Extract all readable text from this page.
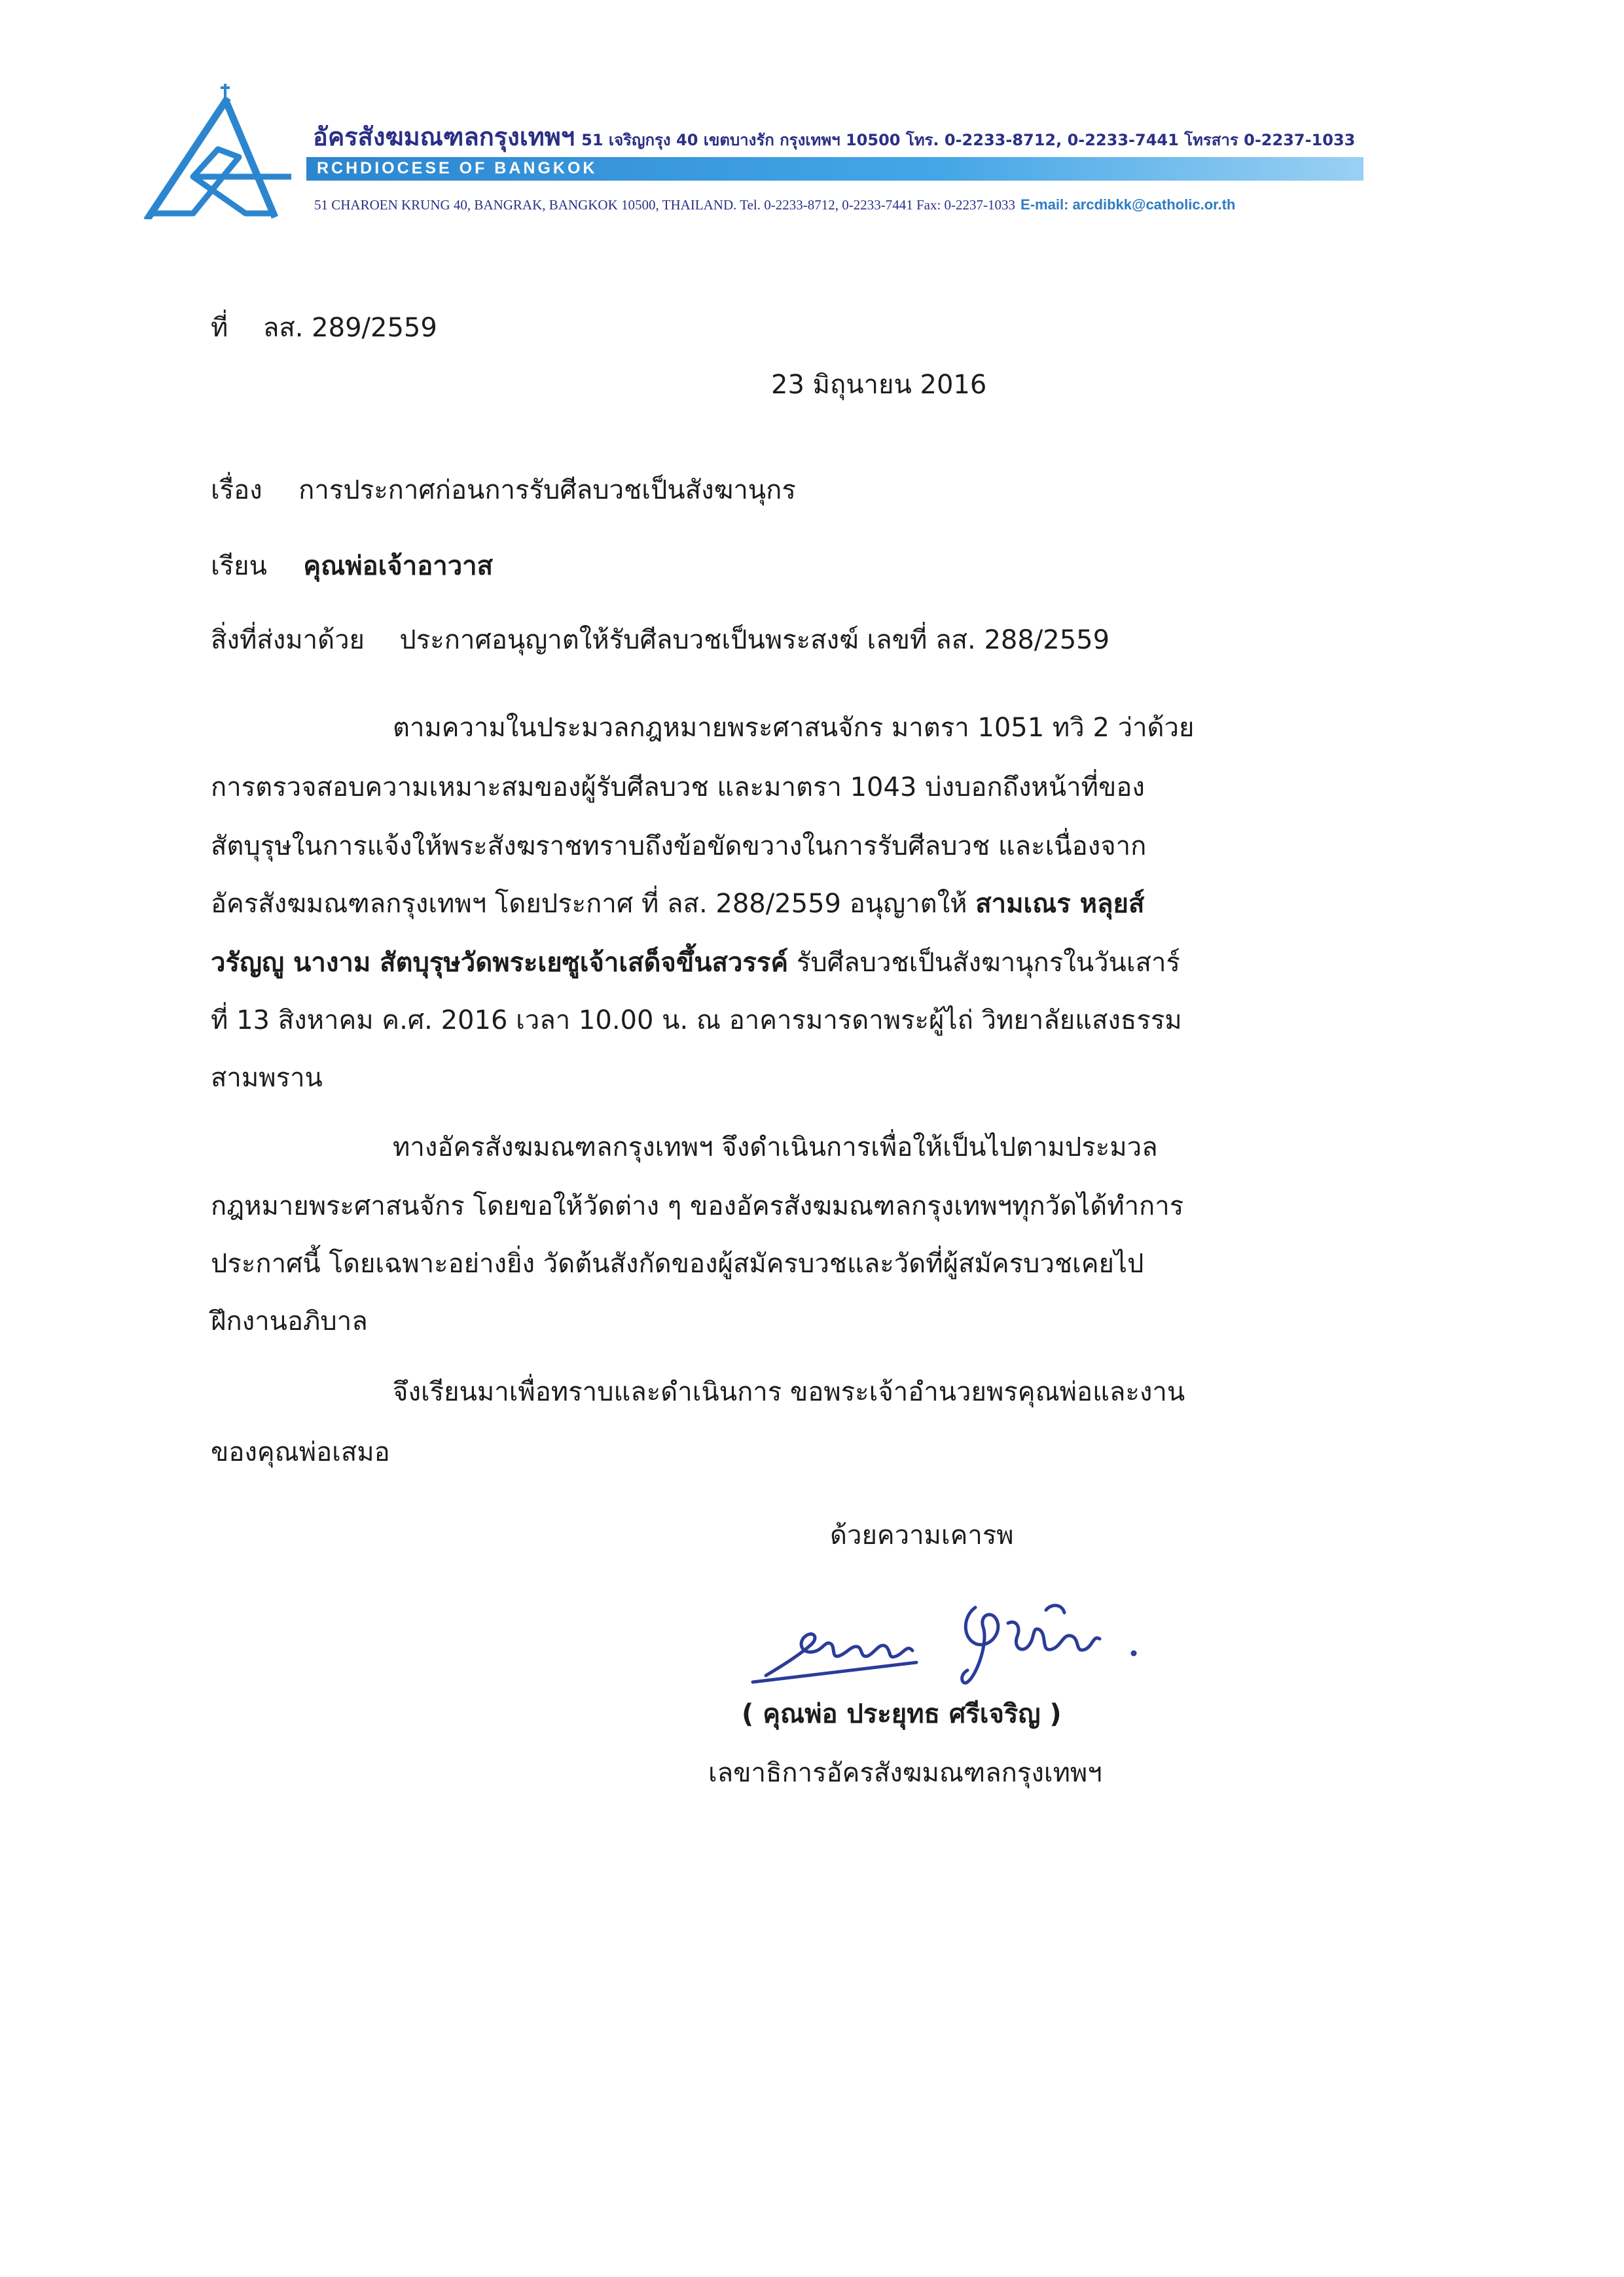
อัครสังฆมณฑลกรุงเทพฯ 51 เจริญกรุง 40 เขตบางรัก กรุงเทพฯ 10500 โทร. 0-2233-8712, 0-2233-7441 โทรสาร 0-2237-1033
RCHDIOCESE OF BANGKOK
51 CHAROEN KRUNG 40, BANGRAK, BANGKOK 10500, THAILAND. Tel. 0-2233-8712, 0-2233-7441 Fax: 0-2237-1033 E-mail: arcdibkk@catholic.or.th
ที่ ลส. 289/2559
23 มิถุนายน 2016
เรื่อง การประกาศก่อนการรับศีลบวชเป็นสังฆานุกร
เรียน คุณพ่อเจ้าอาวาส
สิ่งที่ส่งมาด้วย ประกาศอนุญาตให้รับศีลบวชเป็นพระสงฆ์ เลขที่ ลส. 288/2559
ตามความในประมวลกฎหมายพระศาสนจักร มาตรา 1051 ทวิ 2 ว่าด้วย
การตรวจสอบความเหมาะสมของผู้รับศีลบวช และมาตรา 1043 บ่งบอกถึงหน้าที่ของ
สัตบุรุษในการแจ้งให้พระสังฆราชทราบถึงข้อขัดขวางในการรับศีลบวช และเนื่องจาก
อัครสังฆมณฑลกรุงเทพฯ โดยประกาศ ที่ ลส. 288/2559 อนุญาตให้ สามเณร หลุยส์
วรัญญู นางาม สัตบุรุษวัดพระเยซูเจ้าเสด็จขึ้นสวรรค์ รับศีลบวชเป็นสังฆานุกรในวันเสาร์
ที่ 13 สิงหาคม ค.ศ. 2016 เวลา 10.00 น. ณ อาคารมารดาพระผู้ไถ่ วิทยาลัยแสงธรรม
สามพราน
ทางอัครสังฆมณฑลกรุงเทพฯ จึงดำเนินการเพื่อให้เป็นไปตามประมวล
กฎหมายพระศาสนจักร โดยขอให้วัดต่าง ๆ ของอัครสังฆมณฑลกรุงเทพฯทุกวัดได้ทำการ
ประกาศนี้ โดยเฉพาะอย่างยิ่ง วัดต้นสังกัดของผู้สมัครบวชและวัดที่ผู้สมัครบวชเคยไป
ฝึกงานอภิบาล
จึงเรียนมาเพื่อทราบและดำเนินการ ขอพระเจ้าอำนวยพรคุณพ่อและงาน
ของคุณพ่อเสมอ
ด้วยความเคารพ
( คุณพ่อ ประยุทธ ศรีเจริญ )
เลขาธิการอัครสังฆมณฑลกรุงเทพฯ
